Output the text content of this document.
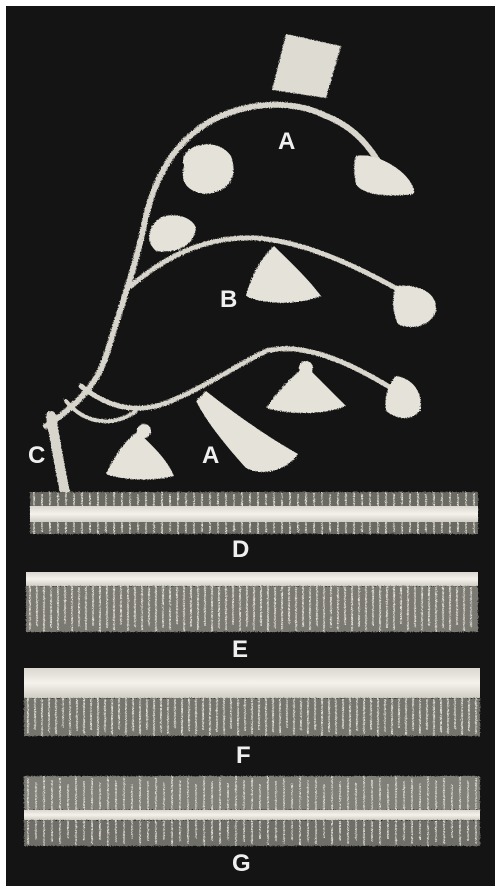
A
B
C	A
D
E
F
G
